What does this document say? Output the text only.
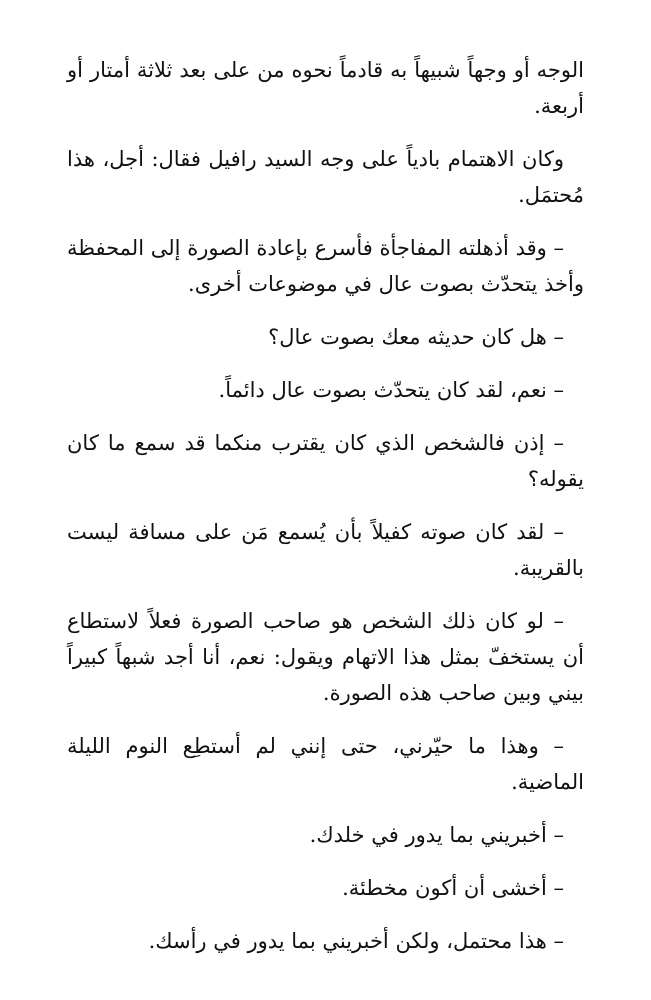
الوجه أو وجهاً شبيهاً به قادماً نحوه من على بعد ثلاثة أمتار أو أربعة.

وكان الاهتمام بادياً على وجه السيد رافيل فقال: أجل، هذا مُحتمَل.

– وقد أذهلته المفاجأة فأسرع بإعادة الصورة إلى المحفظة وأخذ يتحدّث بصوت عال في موضوعات أخرى.

– هل كان حديثه معك بصوت عال؟

– نعم، لقد كان يتحدّث بصوت عال دائماً.

– إذن فالشخص الذي كان يقترب منكما قد سمع ما كان يقوله؟

– لقد كان صوته كفيلاً بأن يُسمع مَن على مسافة ليست بالقريبة.

– لو كان ذلك الشخص هو صاحب الصورة فعلاً لاستطاع أن يستخفّ بمثل هذا الاتهام ويقول: نعم، أنا أجد شبهاً كبيراً بيني وبين صاحب هذه الصورة.

– وهذا ما حيّرني، حتى إنني لم أستطِع النوم الليلة الماضية.

– أخبريني بما يدور في خلدك.

– أخشى أن أكون مخطئة.

– هذا محتمل، ولكن أخبريني بما يدور في رأسك.
